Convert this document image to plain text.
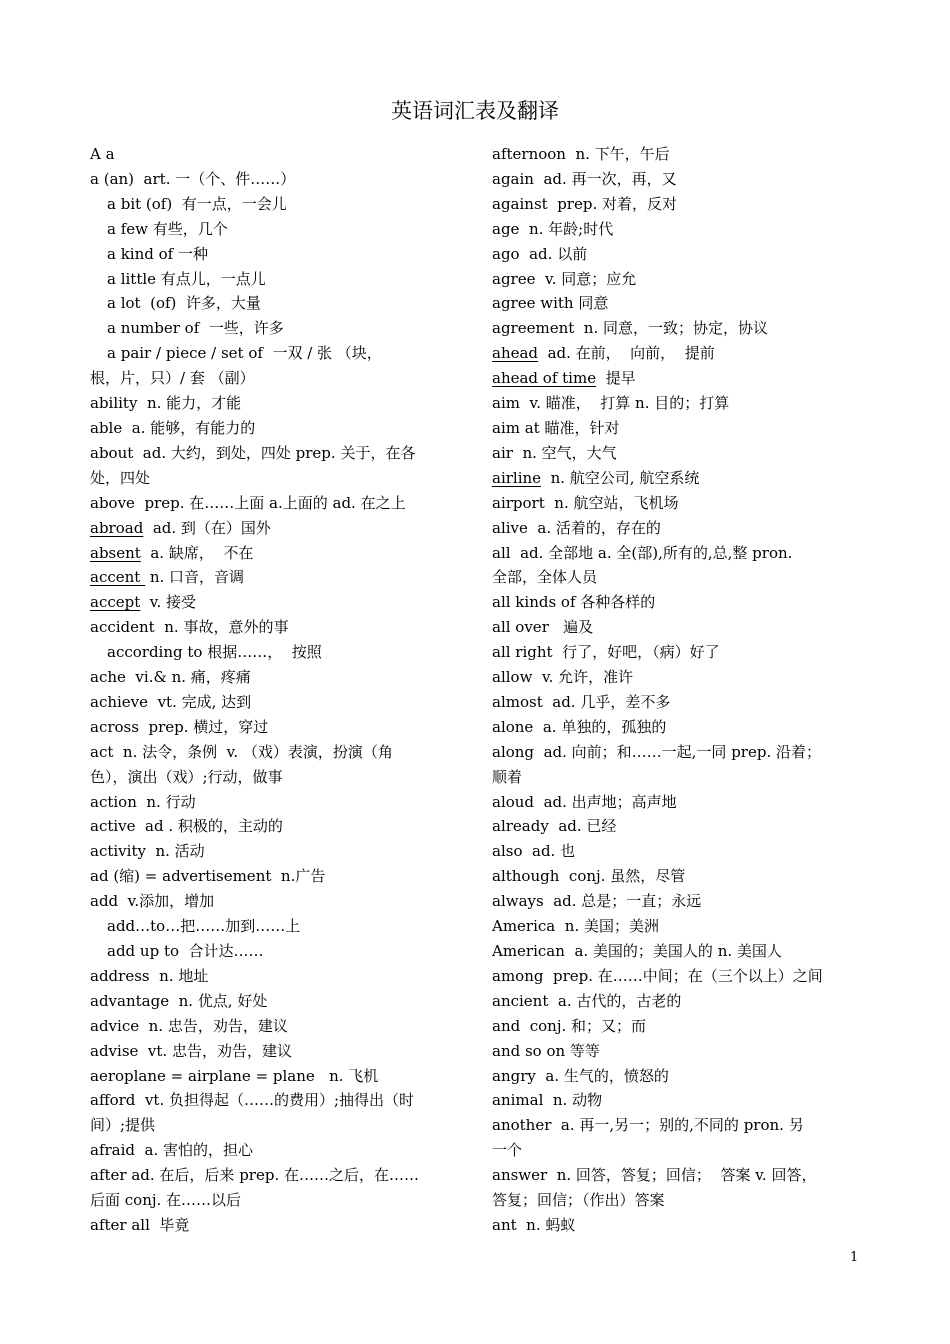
英语词汇表及翻译
A a
a (an)  art. 一（个、件……）
a bit (of)  有一点，一会儿
a few 有些，几个
a kind of 一种
a little 有点儿，一点儿
a lot  (of)  许多，大量
a number of  一些，许多
a pair / piece / set of  一双 / 张 （块，
根，片，只）/ 套 （副）
ability  n. 能力，才能
able  a. 能够，有能力的
about  ad. 大约，到处，四处 prep. 关于，在各
处，四处
above  prep. 在……上面 a.上面的 ad. 在之上
abroad  ad. 到（在）国外
absent  a. 缺席，  不在
accent  n. 口音，音调
accept  v. 接受
accident  n. 事故，意外的事
according to 根据……，  按照
ache  vi.& n. 痛，疼痛
achieve  vt. 完成, 达到
across  prep. 横过，穿过
act  n. 法令，条例  v. （戏）表演，扮演（角
色），演出（戏）;行动，做事
action  n. 行动
active  ad . 积极的，主动的
activity  n. 活动
ad (缩) = advertisement  n.广告
add  v.添加，增加
add…to…把……加到……上
add up to  合计达……
address  n. 地址
advantage  n. 优点, 好处
advice  n. 忠告，劝告，建议
advise  vt. 忠告，劝告，建议
aeroplane = airplane = plane   n. 飞机
afford  vt. 负担得起（……的费用）;抽得出（时
间）;提供
afraid  a. 害怕的，担心
after ad. 在后，后来 prep. 在……之后，在……
后面 conj. 在……以后
after all  毕竟
afternoon  n. 下午，午后
again  ad. 再一次，再，又
against  prep. 对着，反对
age  n. 年龄;时代
ago  ad. 以前
agree  v. 同意；应允
agree with 同意
agreement  n. 同意，一致；协定，协议
ahead  ad. 在前，  向前，  提前
ahead of time  提早
aim  v. 瞄准，  打算 n. 目的；打算
aim at 瞄准，针对
air  n. 空气，大气
airline  n. 航空公司, 航空系统
airport  n. 航空站，飞机场
alive  a. 活着的，存在的
all  ad. 全部地 a. 全(部),所有的,总,整 pron.
全部，全体人员
all kinds of 各种各样的
all over   遍及
all right  行了，好吧，（病）好了
allow  v. 允许，准许
almost  ad. 几乎，差不多
alone  a. 单独的，孤独的
along  ad. 向前；和……一起,一同 prep. 沿着；
顺着
aloud  ad. 出声地；高声地
already  ad. 已经
also  ad. 也
although  conj. 虽然，尽管
always  ad. 总是；一直；永远
America  n. 美国；美洲
American  a. 美国的；美国人的 n. 美国人
among  prep. 在……中间；在（三个以上）之间
ancient  a. 古代的，古老的
and  conj. 和；又；而
and so on 等等
angry  a. 生气的，愤怒的
animal  n. 动物
another  a. 再一,另一；别的,不同的 pron. 另
一个
answer  n. 回答，答复；回信；  答案 v. 回答，
答复；回信；（作出）答案
ant  n. 蚂蚁
1
